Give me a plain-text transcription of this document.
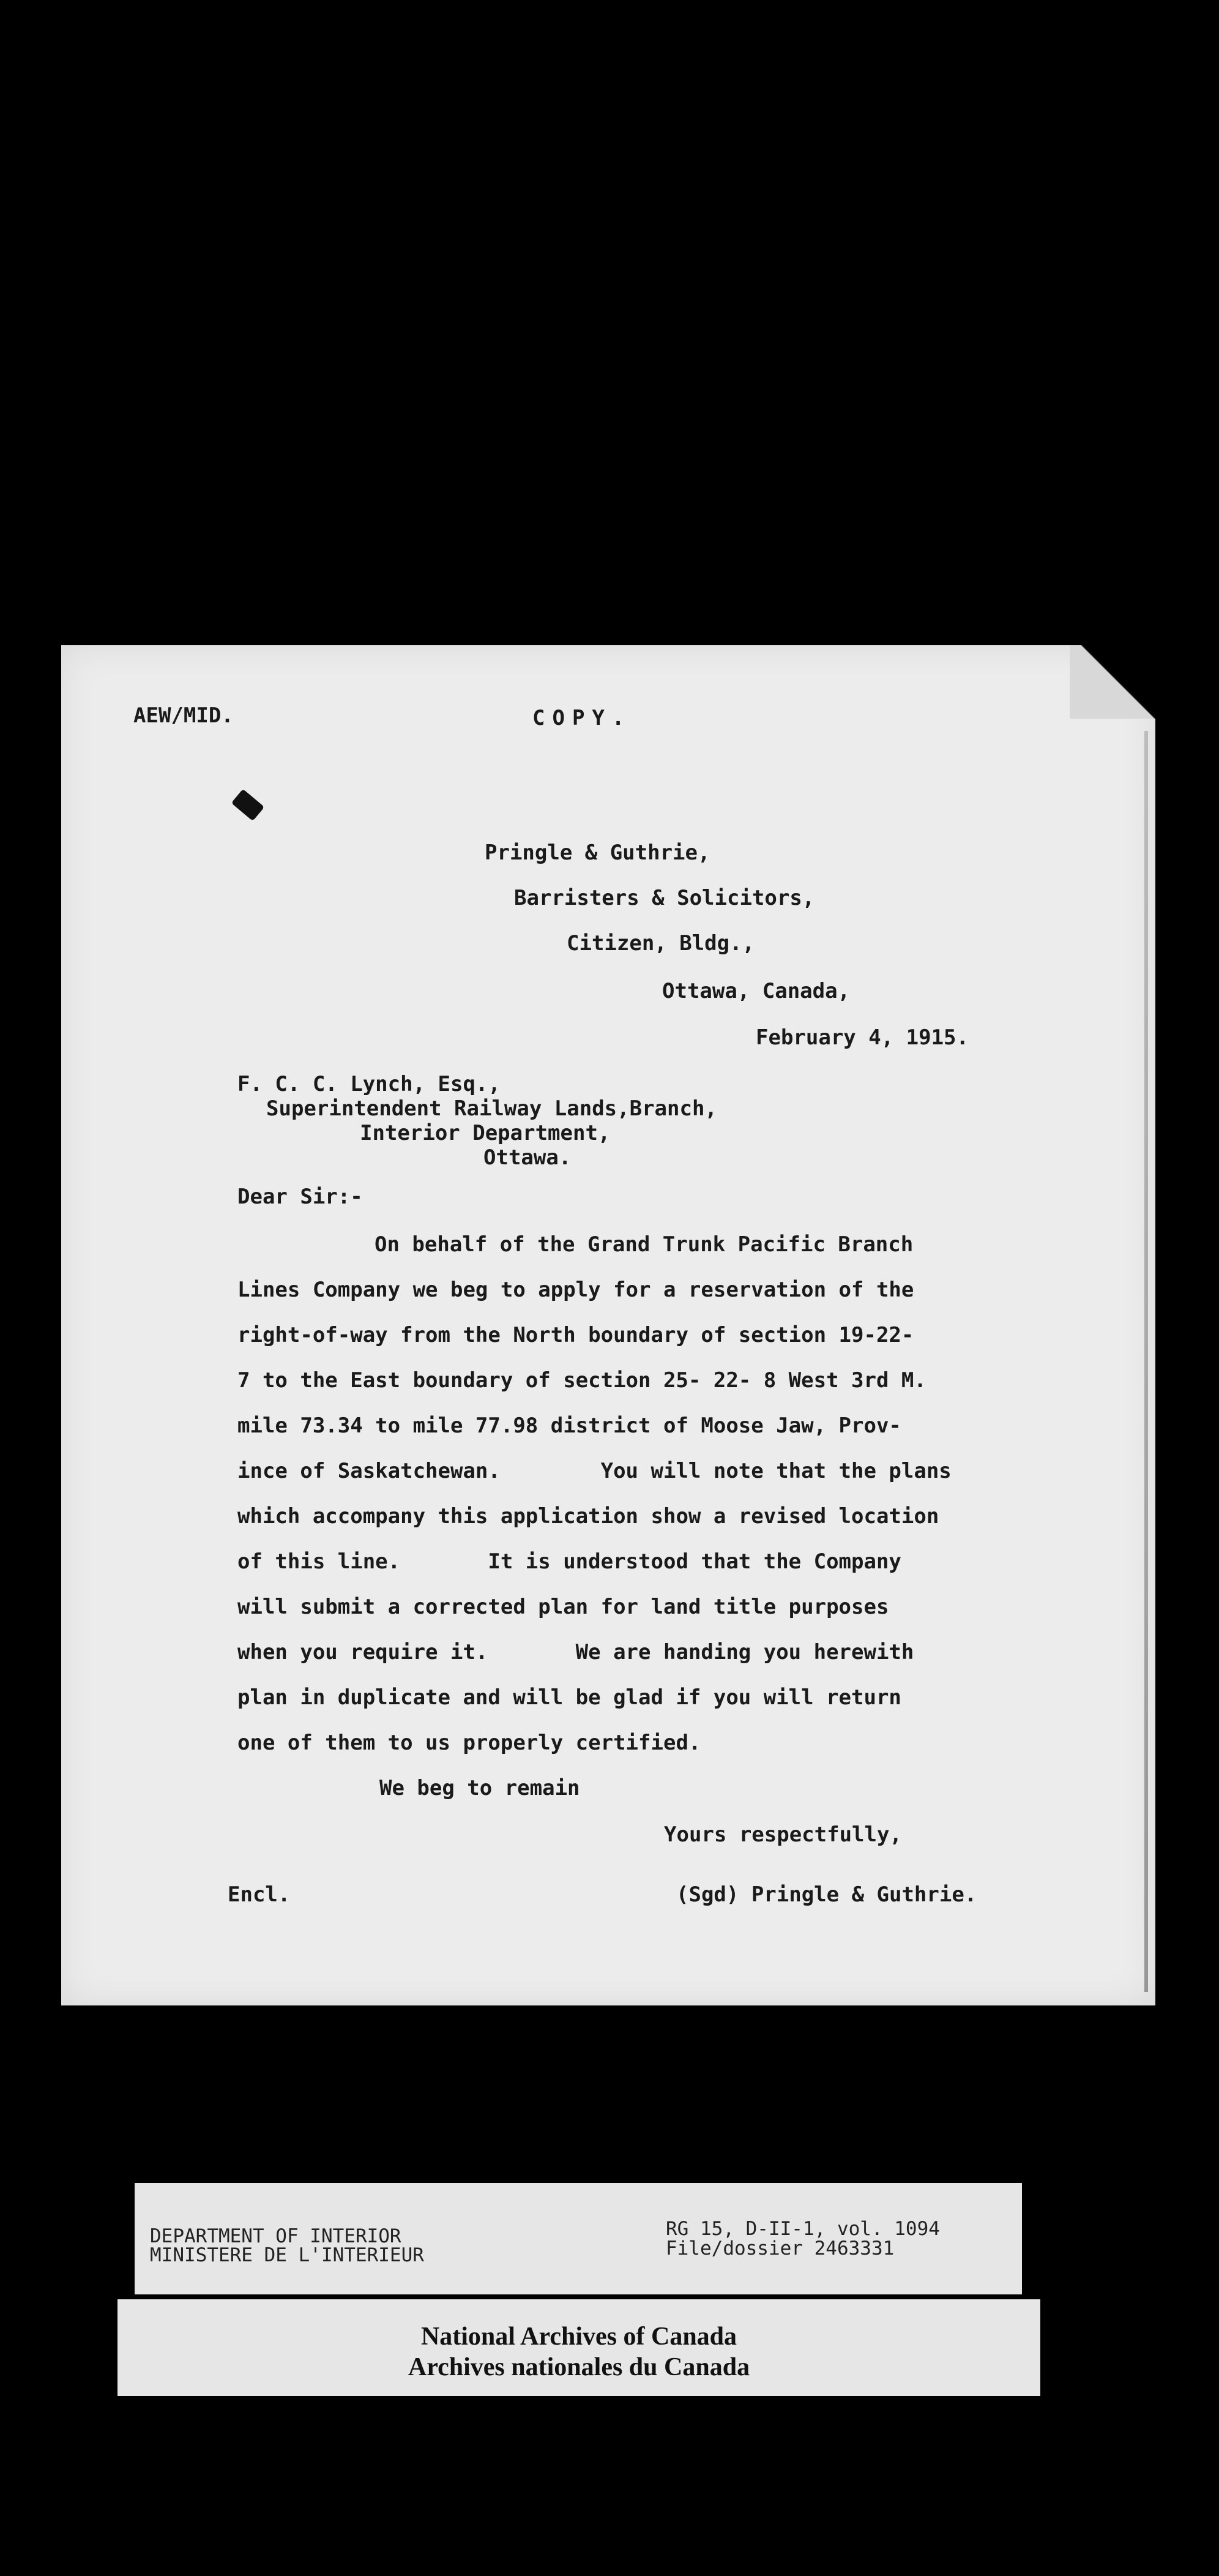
AEW/MID.	COPY.
Pringle & Guthrie,
Barristers & Solicitors,
Citizen, Bldg.,
Ottawa, Canada,
February 4, 1915.
F. C. C. Lynch, Esq.,
Superintendent Railway Lands,Branch,
Interior Department,
Ottawa.
Dear Sir:-
On behalf of the Grand Trunk Pacific Branch
Lines Company we beg to apply for a reservation of the
right-of-way from the North boundary of section 19-22-
7 to the East boundary of section 25- 22- 8 West 3rd M.
mile 73.34 to mile 77.98 district of Moose Jaw, Prov-
ince of Saskatchewan.        You will note that the plans
which accompany this application show a revised location
of this line.       It is understood that the Company
will submit a corrected plan for land title purposes
when you require it.       We are handing you herewith
plan in duplicate and will be glad if you will return
one of them to us properly certified.
We beg to remain
Yours respectfully,
Encl.	(Sgd) Pringle & Guthrie.
DEPARTMENT OF INTERIOR
MINISTERE DE L'INTERIEUR
RG 15, D-II-1, vol. 1094
File/dossier 2463331
National Archives of Canada
Archives nationales du Canada
